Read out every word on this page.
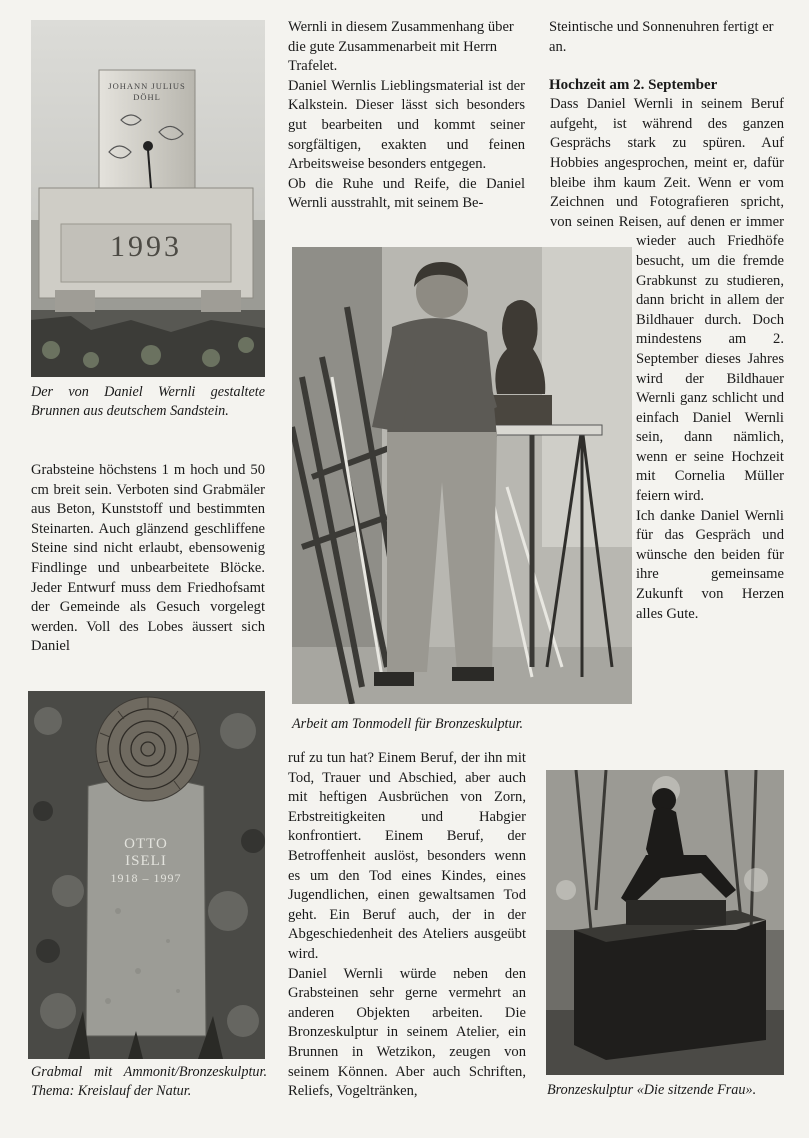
JOHANN JULIUS
DÖHL
1993

Der von Daniel Wernli gestaltete Brunnen aus deutschem Sandstein.

Grabsteine höchstens 1 m hoch und 50 cm breit sein. Verboten sind Grabmäler aus Beton, Kunststoff und bestimmten Steinarten. Auch glänzend geschliffene Steine sind nicht erlaubt, ebensowenig Findlinge und unbearbeitete Blöcke. Jeder Entwurf muss dem Friedhofsamt der Gemeinde als Gesuch vorgelegt werden. Voll des Lobes äussert sich Daniel

OTTO
ISELI
1918 – 1997

Grabmal mit Ammonit/Bronzeskulptur. Thema: Kreislauf der Natur.

Wernli in diesem Zusammenhang über die gute Zusammenarbeit mit Herrn Trafelet.

Daniel Wernlis Lieblingsmaterial ist der Kalkstein. Dieser lässt sich besonders gut bearbeiten und kommt seiner sorgfältigen, exakten und feinen Arbeitsweise besonders entgegen.

Ob die Ruhe und Reife, die Daniel Wernli ausstrahlt, mit seinem Be-

Arbeit am Tonmodell für Bronzeskulptur.

ruf zu tun hat? Einem Beruf, der ihn mit Tod, Trauer und Abschied, aber auch mit heftigen Ausbrüchen von Zorn, Erbstreitigkeiten und Habgier konfrontiert. Einem Beruf, der Betroffenheit auslöst, besonders wenn es um den Tod eines Kindes, eines Jugendlichen, einen gewaltsamen Tod geht. Ein Beruf auch, der in der Abgeschiedenheit des Ateliers ausgeübt wird.

Daniel Wernli würde neben den Grabsteinen sehr gerne vermehrt an anderen Objekten arbeiten. Die Bronzeskulptur in seinem Atelier, ein Brunnen in Wetzikon, zeugen von seinem Können. Aber auch Schriften, Reliefs, Vogeltränken,

Steintische und Sonnenuhren fertigt er an.

Hochzeit am 2. September

Dass Daniel Wernli in seinem Beruf aufgeht, ist während des ganzen Gesprächs stark zu spüren. Auf Hobbies angesprochen, meint er, dafür bleibe ihm kaum Zeit. Wenn er vom Zeichnen und Fotografieren spricht, von seinen Reisen, auf denen er immer wieder auch Friedhöfe besucht, um die fremde Grabkunst zu studieren, dann bricht in allem der Bildhauer durch. Doch mindestens am 2. September dieses Jahres wird der Bildhauer Wernli ganz schlicht und einfach Daniel Wernli sein, dann nämlich, wenn er seine Hochzeit mit Cornelia Müller feiern wird.
Ich danke Daniel Wernli für das Gespräch und wünsche den beiden für ihre gemeinsame Zukunft von Herzen alles Gute.

Bronzeskulptur «Die sitzende Frau».
